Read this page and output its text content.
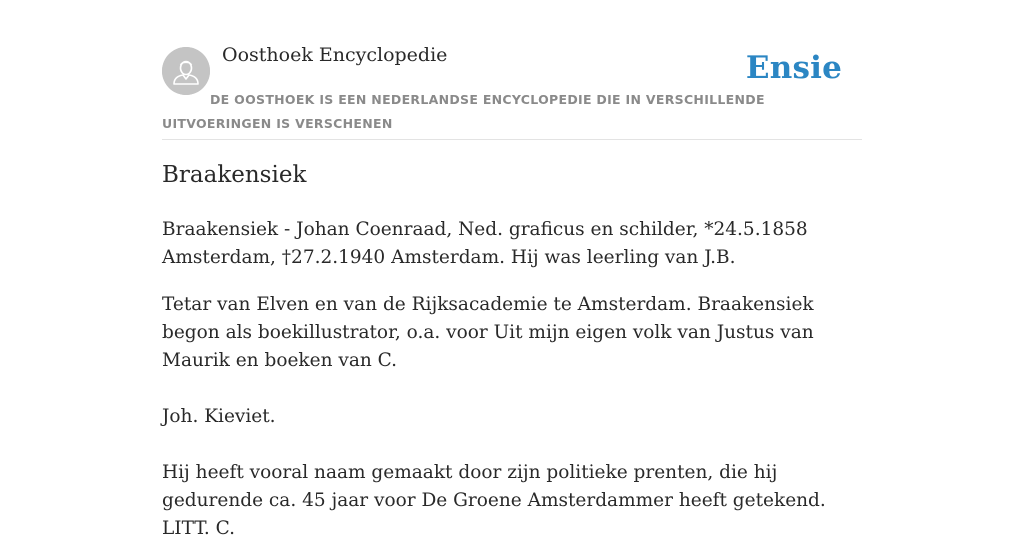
Oosthoek Encyclopedie	Ensie
DE OOSTHOEK IS EEN NEDERLANDSE ENCYCLOPEDIE DIE IN VERSCHILLENDE UITVOERINGEN IS VERSCHENEN
Braakensiek

Braakensiek - Johan Coenraad, Ned. graficus en schilder, *24.5.1858 Amsterdam, †27.2.1940 Amsterdam. Hij was leerling van J.B.

Tetar van Elven en van de Rijksacademie te Amsterdam. Braakensiek begon als boekillustrator, o.a. voor Uit mijn eigen volk van Justus van Maurik en boeken van C.

Joh. Kieviet.

Hij heeft vooral naam gemaakt door zijn politieke prenten, die hij gedurende ca. 45 jaar voor De Groene Amsterdammer heeft getekend. LITT. C.
